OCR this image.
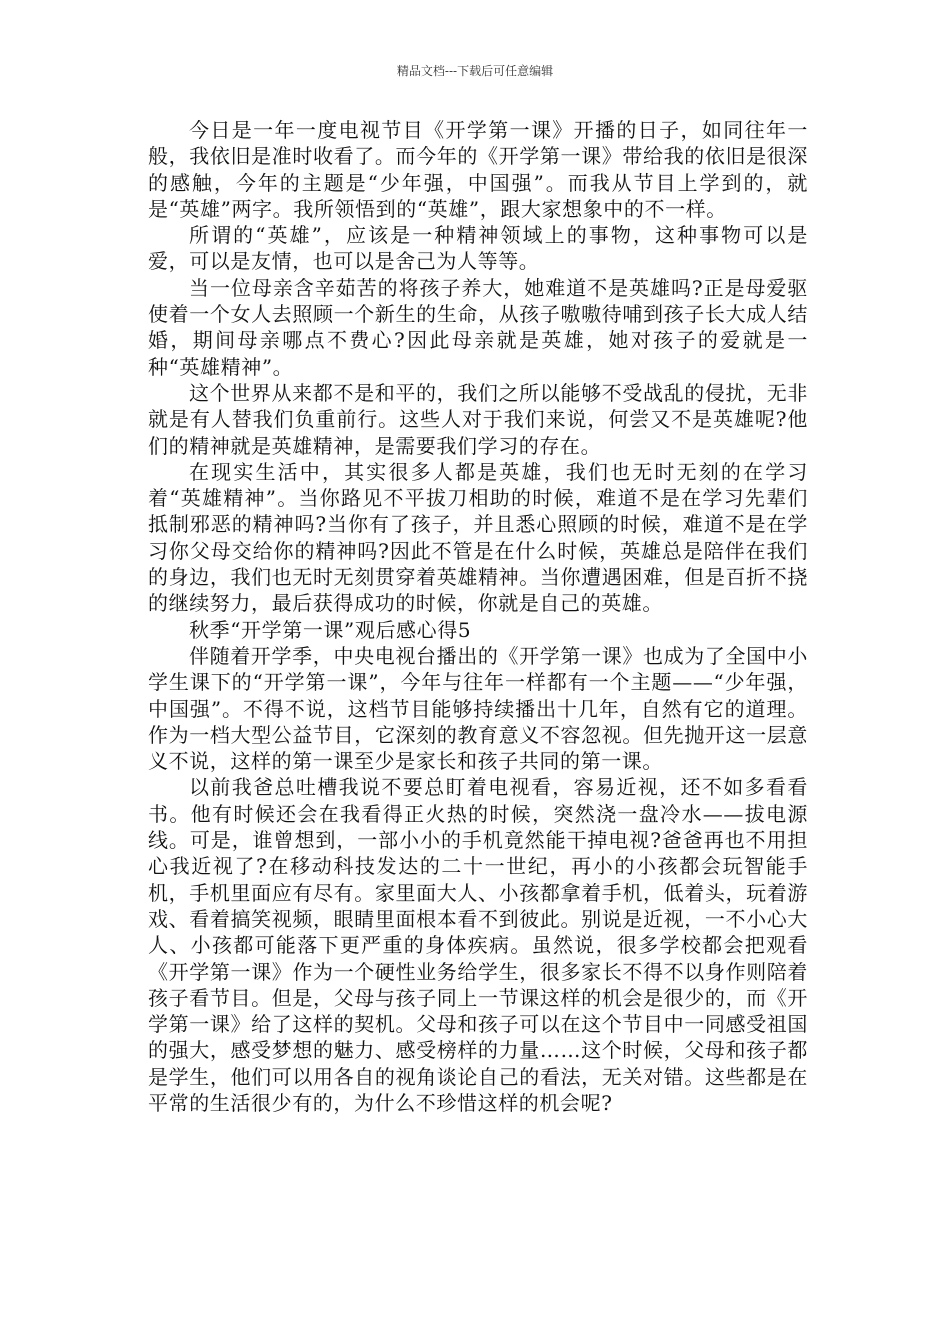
精品文档---下载后可任意编辑

今日是一年一度电视节目《开学第一课》开播的日子，如同往年一般，我依旧是准时收看了。而今年的《开学第一课》带给我的依旧是很深的感触，今年的主题是“少年强，中国强”。而我从节目上学到的，就是“英雄”两字。我所领悟到的“英雄”，跟大家想象中的不一样。

所谓的“英雄”，应该是一种精神领域上的事物，这种事物可以是爱，可以是友情，也可以是舍己为人等等。

当一位母亲含辛茹苦的将孩子养大，她难道不是英雄吗?正是母爱驱使着一个女人去照顾一个新生的生命，从孩子嗷嗷待哺到孩子长大成人结婚，期间母亲哪点不费心?因此母亲就是英雄，她对孩子的爱就是一种“英雄精神”。

这个世界从来都不是和平的，我们之所以能够不受战乱的侵扰，无非就是有人替我们负重前行。这些人对于我们来说，何尝又不是英雄呢?他们的精神就是英雄精神，是需要我们学习的存在。

在现实生活中，其实很多人都是英雄，我们也无时无刻的在学习着“英雄精神”。当你路见不平拔刀相助的时候，难道不是在学习先辈们抵制邪恶的精神吗?当你有了孩子，并且悉心照顾的时候，难道不是在学习你父母交给你的精神吗?因此不管是在什么时候，英雄总是陪伴在我们的身边，我们也无时无刻贯穿着英雄精神。当你遭遇困难，但是百折不挠的继续努力，最后获得成功的时候，你就是自己的英雄。

秋季“开学第一课”观后感心得5

伴随着开学季，中央电视台播出的《开学第一课》也成为了全国中小学生课下的“开学第一课”，今年与往年一样都有一个主题——“少年强，中国强”。不得不说，这档节目能够持续播出十几年，自然有它的道理。作为一档大型公益节目，它深刻的教育意义不容忽视。但先抛开这一层意义不说，这样的第一课至少是家长和孩子共同的第一课。

以前我爸总吐槽我说不要总盯着电视看，容易近视，还不如多看看书。他有时候还会在我看得正火热的时候，突然浇一盘冷水——拔电源线。可是，谁曾想到，一部小小的手机竟然能干掉电视?爸爸再也不用担心我近视了?在移动科技发达的二十一世纪，再小的小孩都会玩智能手机，手机里面应有尽有。家里面大人、小孩都拿着手机，低着头，玩着游戏、看着搞笑视频，眼睛里面根本看不到彼此。别说是近视，一不小心大人、小孩都可能落下更严重的身体疾病。虽然说，很多学校都会把观看《开学第一课》作为一个硬性业务给学生，很多家长不得不以身作则陪着孩子看节目。但是，父母与孩子同上一节课这样的机会是很少的，而《开学第一课》给了这样的契机。父母和孩子可以在这个节目中一同感受祖国的强大，感受梦想的魅力、感受榜样的力量……这个时候，父母和孩子都是学生，他们可以用各自的视角谈论自己的看法，无关对错。这些都是在平常的生活很少有的，为什么不珍惜这样的机会呢?
